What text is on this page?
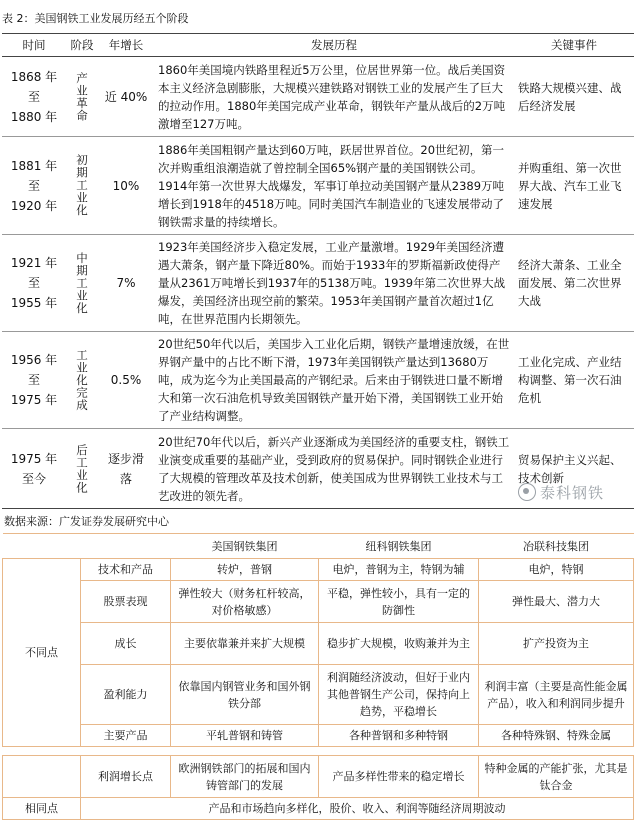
表 2：美国钢铁工业发展历经五个阶段
时间	阶段	年增长	发展历程	关键事件

1868 年
至
1880 年	产业革命	近 40%	1860年美国境内铁路里程近5万公里，位居世界第一位。战后美国资本主义经济急剧膨胀，大规模兴建铁路对钢铁工业的发展产生了巨大的拉动作用。1880年美国完成产业革命，钢铁年产量从战后的2万吨激增至127万吨。	铁路大规模兴建、战后经济发展

1881 年
至
1920 年	初期工业化	10%	1886年美国粗钢产量达到60万吨，跃居世界首位。20世纪初，第一次并购重组浪潮造就了曾控制全国65%钢产量的美国钢铁公司。1914年第一次世界大战爆发，军事订单拉动美国钢产量从2389万吨增长到1918年的4518万吨。同时美国汽车制造业的飞速发展带动了钢铁需求量的持续增长。	并购重组、第一次世界大战、汽车工业飞速发展

1921 年
至
1955 年	中期工业化	7%	1923年美国经济步入稳定发展，工业产量激增。1929年美国经济遭遇大萧条，钢产量下降近80%。而始于1933年的罗斯福新政使得产量从2361万吨增长到1937年的5138万吨。1939年第二次世界大战爆发，美国经济出现空前的繁荣。1953年美国钢产量首次超过1亿吨，在世界范围内长期领先。	经济大萧条、工业全面发展、第二次世界大战

1956 年
至
1975 年	工业化完成	0.5%	20世纪50年代以后，美国步入工业化后期，钢铁产量增速放缓，在世界钢产量中的占比不断下滑，1973年美国钢铁产量达到13680万吨，成为迄今为止美国最高的产钢纪录。后来由于钢铁进口量不断增大和第一次石油危机导致美国钢铁产量开始下滑，美国钢铁工业开始了产业结构调整。	工业化完成、产业结构调整、第一次石油危机

1975 年
至今	后工业化	逐步滑落	20世纪70年代以后，新兴产业逐渐成为美国经济的重要支柱，钢铁工业演变成重要的基础产业，受到政府的贸易保护。同时钢铁企业进行了大规模的管理改革及技术创新，使美国成为世界钢铁工业技术与工艺改进的领先者。	贸易保护主义兴起、技术创新
泰科钢铁
数据来源：广发证券发展研究中心
		美国钢铁集团	纽科钢铁集团	冶联科技集团
不同点	技术和产品	转炉，普钢	电炉，普钢为主，特钢为辅	电炉，特钢
	股票表现	弹性较大（财务杠杆较高，对价格敏感）	平稳，弹性较小，具有一定的防御性	弹性最大、潜力大
	成长	主要依靠兼并来扩大规模	稳步扩大规模，收购兼并为主	扩产投资为主
	盈利能力	依靠国内钢管业务和国外钢铁分部	利润随经济波动，但好于业内其他普钢生产公司，保持向上趋势，平稳增长	利润丰富（主要是高性能金属产品），收入和利润同步提升
	主要产品	平轧普钢和铸管	各种普钢和多种特钢	各种特殊钢、特殊金属

	利润增长点	欧洲钢铁部门的拓展和国内铸管部门的发展	产品多样性带来的稳定增长	特种金属的产能扩张，尤其是钛合金
相同点	产品和市场趋向多样化，股价、收入、利润等随经济周期波动			
